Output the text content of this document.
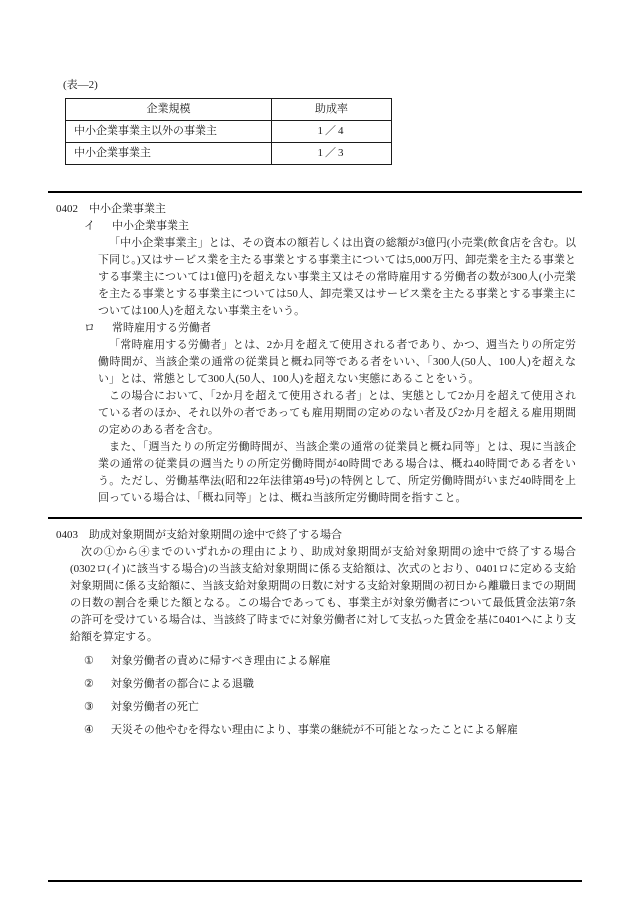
(表―2)
企業規模	助成率
中小企業事業主以外の事業主	1／4
中小企業事業主	1／3
0402 中小企業事業主
イ 中小企業事業主

「中小企業事業主」とは、その資本の額若しくは出資の総額が3億円(小売業(飲食店を含む。以下同じ。)又はサービス業を主たる事業とする事業主については5,000万円、卸売業を主たる事業とする事業主については1億円)を超えない事業主又はその常時雇用する労働者の数が300人(小売業を主たる事業とする事業主については50人、卸売業又はサービス業を主たる事業とする事業主については100人)を超えない事業主をいう。

ロ 常時雇用する労働者

「常時雇用する労働者」とは、2か月を超えて使用される者であり、かつ、週当たりの所定労働時間が、当該企業の通常の従業員と概ね同等である者をいい、「300人(50人、100人)を超えない」とは、常態として300人(50人、100人)を超えない実態にあることをいう。

この場合において、「2か月を超えて使用される者」とは、実態として2か月を超えて使用されている者のほか、それ以外の者であっても雇用期間の定めのない者及び2か月を超える雇用期間の定めのある者を含む。

また、「週当たりの所定労働時間が、当該企業の通常の従業員と概ね同等」とは、現に当該企業の通常の従業員の週当たりの所定労働時間が40時間である場合は、概ね40時間である者をいう。ただし、労働基準法(昭和22年法律第49号)の特例として、所定労働時間がいまだ40時間を上回っている場合は、「概ね同等」とは、概ね当該所定労働時間を指すこと。

0403 助成対象期間が支給対象期間の途中で終了する場合

次の①から④までのいずれかの理由により、助成対象期間が支給対象期間の途中で終了する場合(0302ロ(イ)に該当する場合)の当該支給対象期間に係る支給額は、次式のとおり、0401ロに定める支給対象期間に係る支給額に、当該支給対象期間の日数に対する支給対象期間の初日から離職日までの期間の日数の割合を乗じた額となる。この場合であっても、事業主が対象労働者について最低賃金法第7条の許可を受けている場合は、当該終了時までに対象労働者に対して支払った賃金を基に0401ヘにより支給額を算定する。

① 対象労働者の責めに帰すべき理由による解雇
② 対象労働者の都合による退職
③ 対象労働者の死亡
④ 天災その他やむを得ない理由により、事業の継続が不可能となったことによる解雇
